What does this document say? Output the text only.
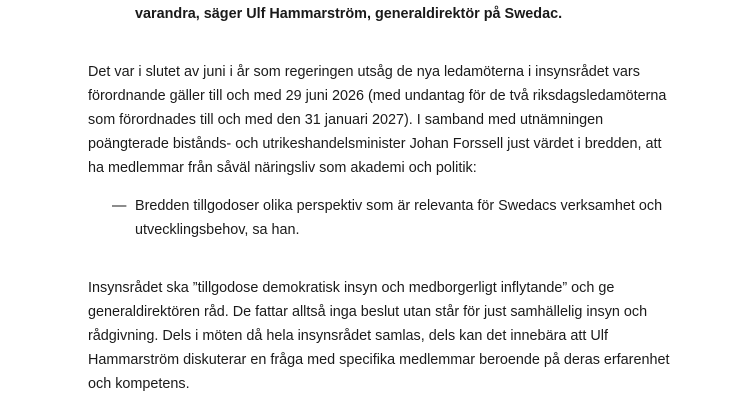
varandra, säger Ulf Hammarström, generaldirektör på Swedac.
Det var i slutet av juni i år som regeringen utsåg de nya ledamöterna i insynsrådet vars
förordnande gäller till och med 29 juni 2026 (med undantag för de två riksdagsledamöterna
som förordnades till och med den 31 januari 2027). I samband med utnämningen
poängterade bistånds- och utrikeshandelsminister Johan Forssell just värdet i bredden, att
ha medlemmar från såväl näringsliv som akademi och politik:
— Bredden tillgodoser olika perspektiv som är relevanta för Swedacs verksamhet och
utvecklingsbehov, sa han.
Insynsrådet ska ”tillgodose demokratisk insyn och medborgerligt inflytande” och ge
generaldirektören råd. De fattar alltså inga beslut utan står för just samhällelig insyn och
rådgivning. Dels i möten då hela insynsrådet samlas, dels kan det innebära att Ulf
Hammarström diskuterar en fråga med specifika medlemmar beroende på deras erfarenhet
och kompetens.
